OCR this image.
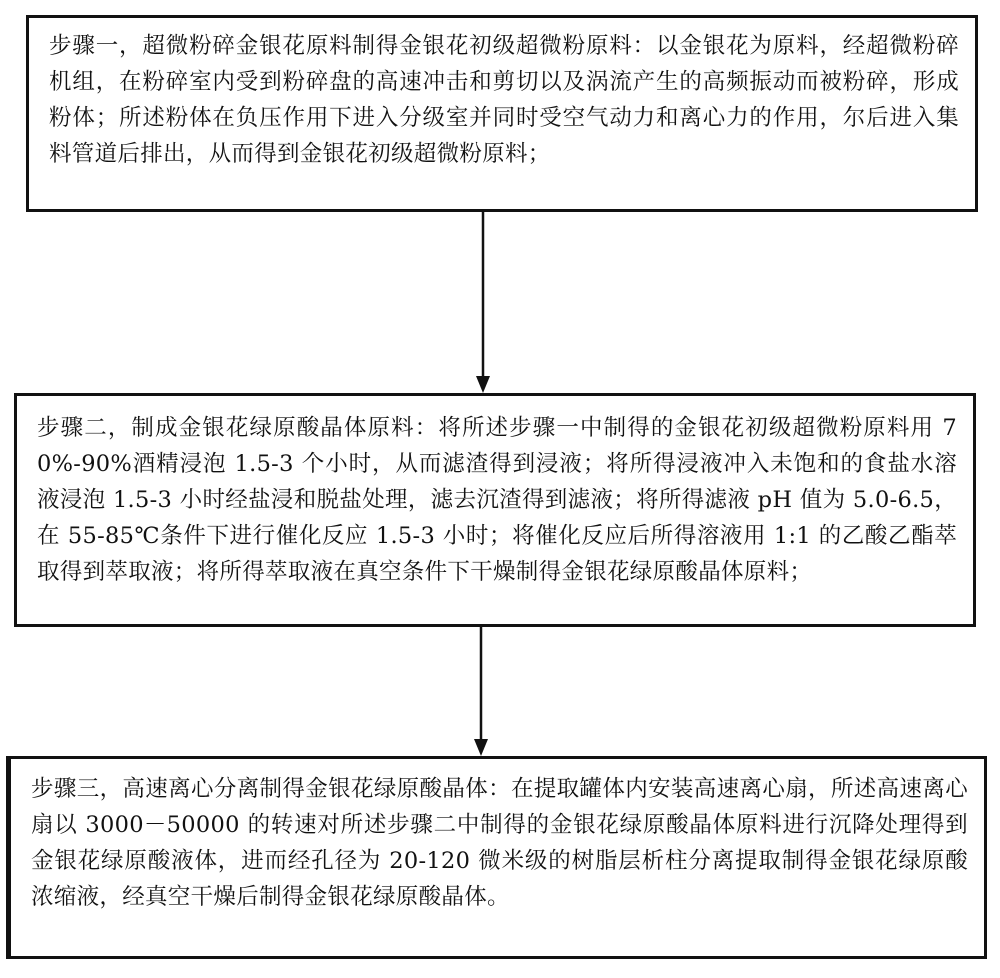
步骤一，超微粉碎金银花原料制得金银花初级超微粉原料：以金银花为原料，经超微粉碎机组，在粉碎室内受到粉碎盘的高速冲击和剪切以及涡流产生的高频振动而被粉碎，形成粉体；所述粉体在负压作用下进入分级室并同时受空气动力和离心力的作用，尔后进入集料管道后排出，从而得到金银花初级超微粉原料；

步骤二，制成金银花绿原酸晶体原料：将所述步骤一中制得的金银花初级超微粉原料用 70%-90%酒精浸泡 1.5-3 个小时，从而滤渣得到浸液；将所得浸液冲入未饱和的食盐水溶液浸泡 1.5-3 小时经盐浸和脱盐处理，滤去沉渣得到滤液；将所得滤液 pH 值为 5.0-6.5，在 55-85℃条件下进行催化反应 1.5-3 小时；将催化反应后所得溶液用 1:1 的乙酸乙酯萃取得到萃取液；将所得萃取液在真空条件下干燥制得金银花绿原酸晶体原料；

步骤三，高速离心分离制得金银花绿原酸晶体：在提取罐体内安装高速离心扇，所述高速离心扇以 3000－50000 的转速对所述步骤二中制得的金银花绿原酸晶体原料进行沉降处理得到金银花绿原酸液体，进而经孔径为 20-120 微米级的树脂层析柱分离提取制得金银花绿原酸浓缩液，经真空干燥后制得金银花绿原酸晶体。
